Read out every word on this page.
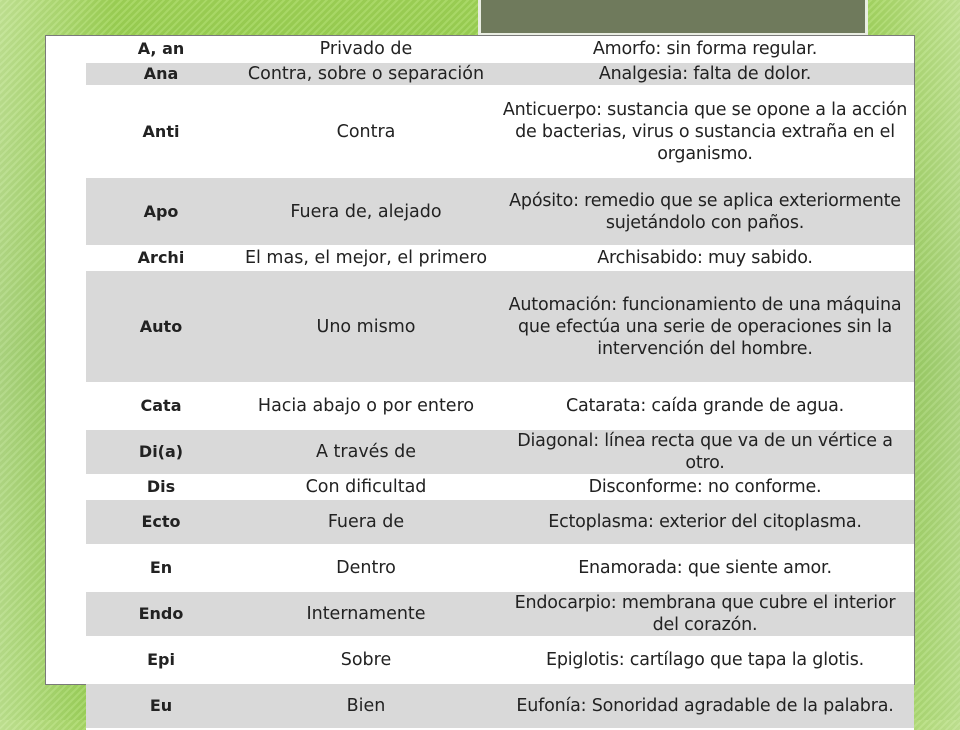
A, an	Privado de	Amorfo: sin forma regular.
Ana	Contra, sobre o separación	Analgesia: falta de dolor.
Anti	Contra	Anticuerpo: sustancia que se opone a la acción de bacterias, virus o sustancia extraña en el organismo.
Apo	Fuera de, alejado	Apósito: remedio que se aplica exteriormente sujetándolo con paños.
Archi	El mas, el mejor, el primero	Archisabido: muy sabido.
Auto	Uno mismo	Automación: funcionamiento de una máquina que efectúa una serie de operaciones sin la intervención del hombre.
Cata	Hacia abajo o por entero	Catarata: caída grande de agua.
Di(a)	A través de	Diagonal: línea recta que va de un vértice a otro.
Dis	Con dificultad	Disconforme: no conforme.
Ecto	Fuera de	Ectoplasma: exterior del citoplasma.
En	Dentro	Enamorada: que siente amor.
Endo	Internamente	Endocarpio: membrana que cubre el interior del corazón.
Epi	Sobre	Epiglotis: cartílago que tapa la glotis.
Eu	Bien	Eufonía: Sonoridad agradable de la palabra.
